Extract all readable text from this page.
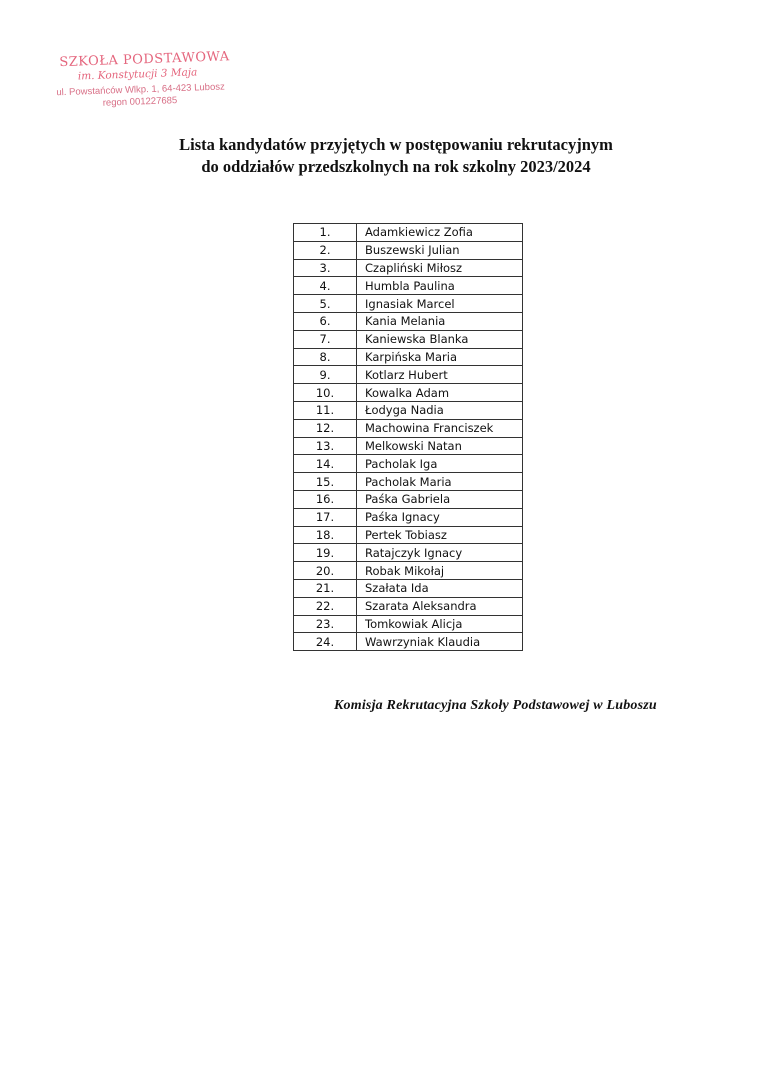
SZKOŁA PODSTAWOWA
im. Konstytucji 3 Maja
ul. Powstańców Wlkp. 1, 64-423 Lubosz
regon 001227685
Lista kandydatów przyjętych w postępowaniu rekrutacyjnym
do oddziałów przedszkolnych na rok szkolny 2023/2024
1.	Adamkiewicz Zofia
2.	Buszewski Julian
3.	Czapliński Miłosz
4.	Humbla Paulina
5.	Ignasiak Marcel
6.	Kania Melania
7.	Kaniewska Blanka
8.	Karpińska Maria
9.	Kotlarz Hubert
10.	Kowalka Adam
11.	Łodyga Nadia
12.	Machowina Franciszek
13.	Melkowski Natan
14.	Pacholak Iga
15.	Pacholak Maria
16.	Paśka Gabriela
17.	Paśka Ignacy
18.	Pertek Tobiasz
19.	Ratajczyk Ignacy
20.	Robak Mikołaj
21.	Szałata Ida
22.	Szarata Aleksandra
23.	Tomkowiak Alicja
24.	Wawrzyniak Klaudia
Komisja Rekrutacyjna Szkoły Podstawowej w Luboszu
